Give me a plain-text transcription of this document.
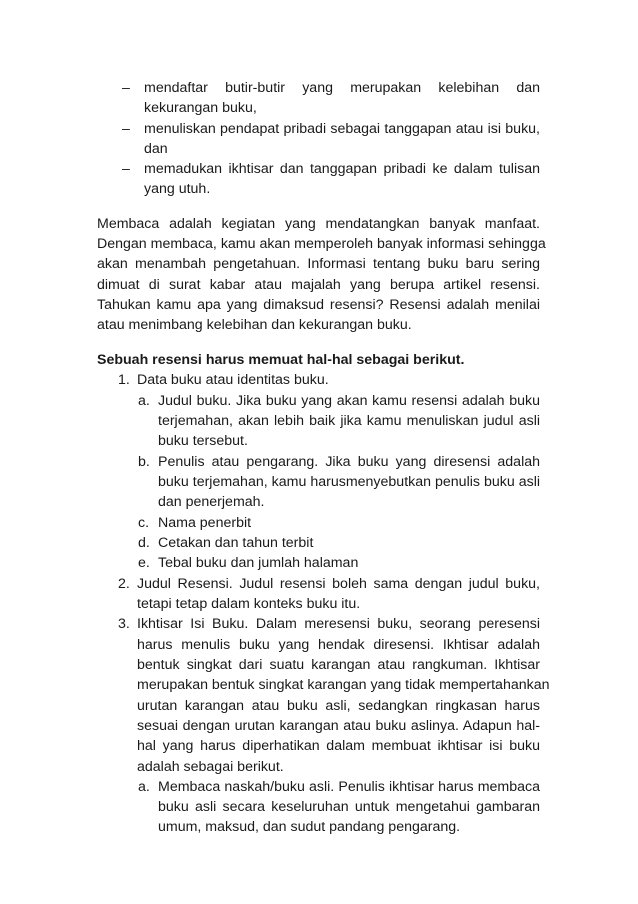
– mendaftar butir-butir yang merupakan kelebihan dan
kekurangan buku,
– menuliskan pendapat pribadi sebagai tanggapan atau isi buku,
dan
– memadukan ikhtisar dan tanggapan pribadi ke dalam tulisan
yang utuh.
Membaca adalah kegiatan yang mendatangkan banyak manfaat.
Dengan membaca, kamu akan memperoleh banyak informasi sehingga
akan menambah pengetahuan. Informasi tentang buku baru sering
dimuat di surat kabar atau majalah yang berupa artikel resensi.
Tahukan kamu apa yang dimaksud resensi? Resensi adalah menilai
atau menimbang kelebihan dan kekurangan buku.
Sebuah resensi harus memuat hal-hal sebagai berikut.
1. Data buku atau identitas buku.
a. Judul buku. Jika buku yang akan kamu resensi adalah buku
terjemahan, akan lebih baik jika kamu menuliskan judul asli
buku tersebut.
b. Penulis atau pengarang. Jika buku yang diresensi adalah
buku terjemahan, kamu harusmenyebutkan penulis buku asli
dan penerjemah.
c. Nama penerbit
d. Cetakan dan tahun terbit
e. Tebal buku dan jumlah halaman
2. Judul Resensi. Judul resensi boleh sama dengan judul buku,
tetapi tetap dalam konteks buku itu.
3. Ikhtisar Isi Buku. Dalam meresensi buku, seorang peresensi
harus menulis buku yang hendak diresensi. Ikhtisar adalah
bentuk singkat dari suatu karangan atau rangkuman. Ikhtisar
merupakan bentuk singkat karangan yang tidak mempertahankan
urutan karangan atau buku asli, sedangkan ringkasan harus
sesuai dengan urutan karangan atau buku aslinya. Adapun hal-
hal yang harus diperhatikan dalam membuat ikhtisar isi buku
adalah sebagai berikut.
a. Membaca naskah/buku asli. Penulis ikhtisar harus membaca
buku asli secara keseluruhan untuk mengetahui gambaran
umum, maksud, dan sudut pandang pengarang.
